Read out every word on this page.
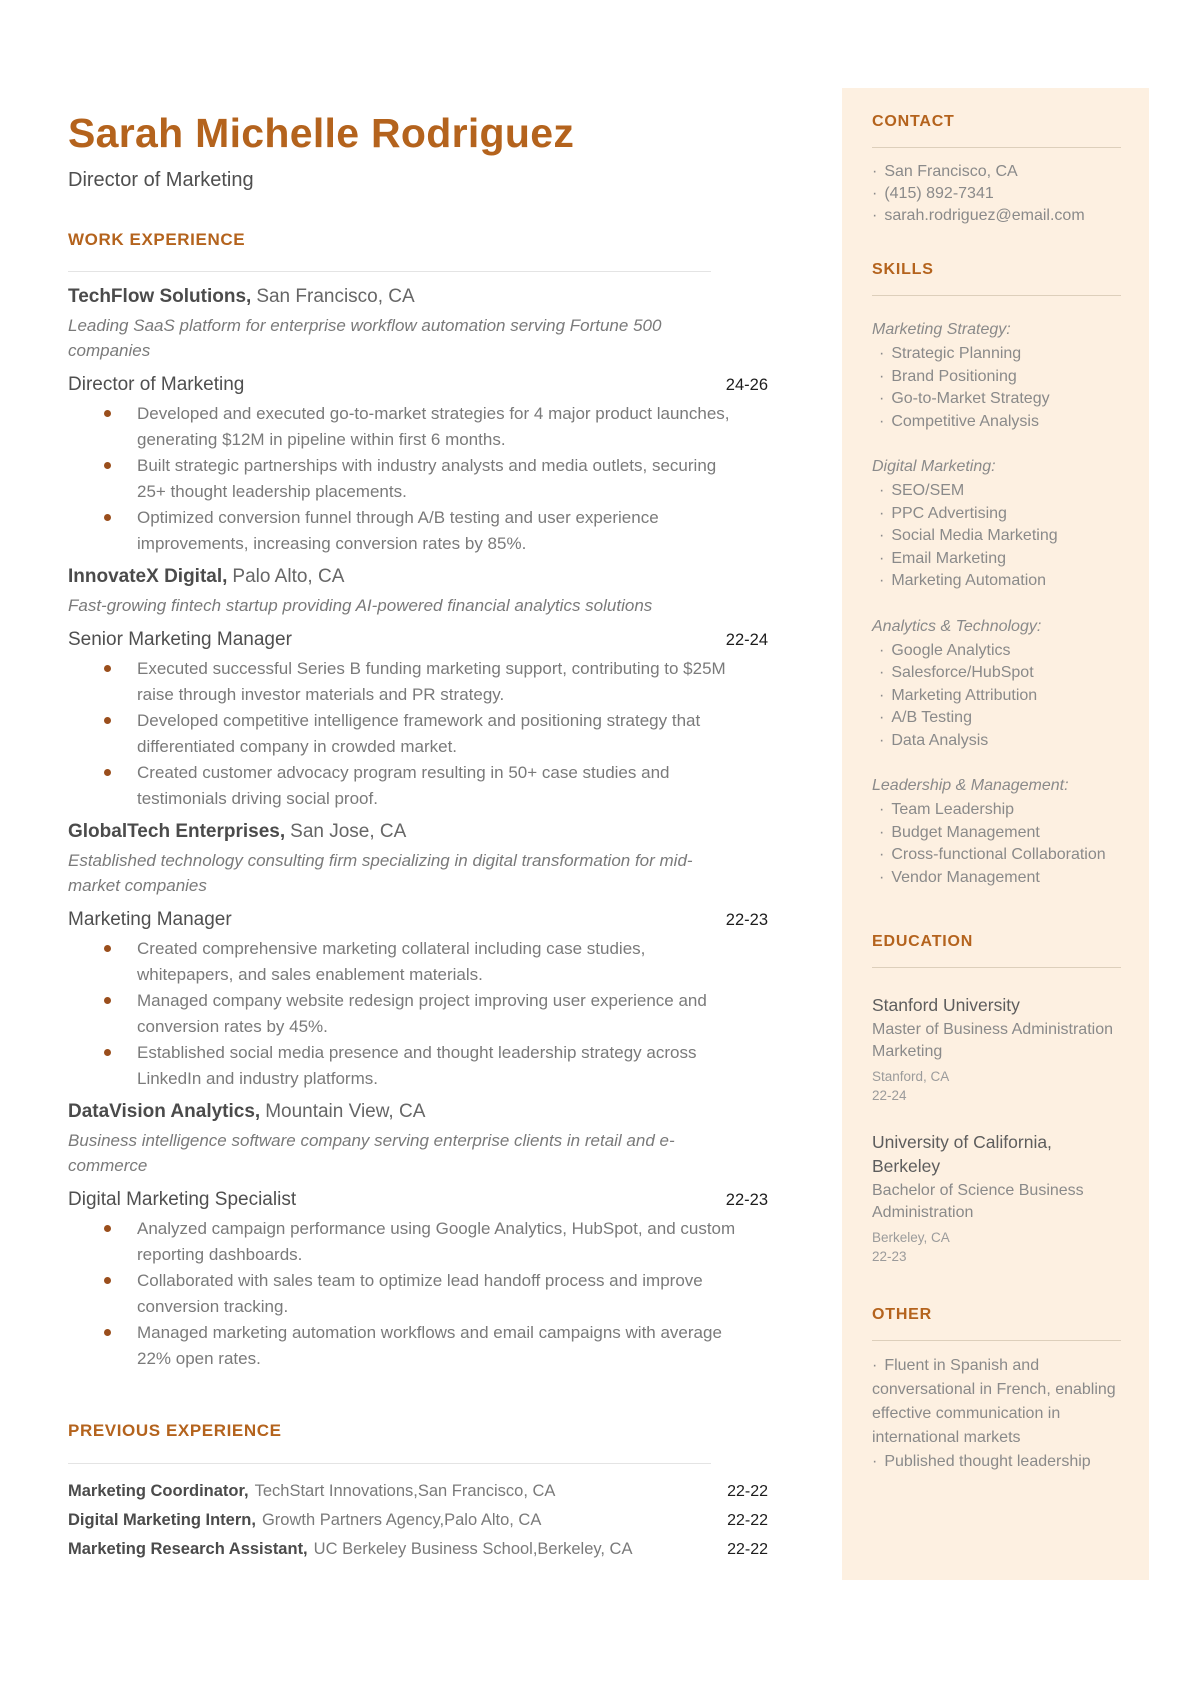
Sarah Michelle Rodriguez
Director of Marketing
WORK EXPERIENCE
TechFlow Solutions, San Francisco, CA
Leading SaaS platform for enterprise workflow automation serving Fortune 500 companies
Director of Marketing	24-26
Developed and executed go-to-market strategies for 4 major product launches, generating $12M in pipeline within first 6 months.
Built strategic partnerships with industry analysts and media outlets, securing 25+ thought leadership placements.
Optimized conversion funnel through A/B testing and user experience improvements, increasing conversion rates by 85%.
InnovateX Digital, Palo Alto, CA
Fast-growing fintech startup providing AI-powered financial analytics solutions
Senior Marketing Manager	22-24
Executed successful Series B funding marketing support, contributing to $25M raise through investor materials and PR strategy.
Developed competitive intelligence framework and positioning strategy that differentiated company in crowded market.
Created customer advocacy program resulting in 50+ case studies and testimonials driving social proof.
GlobalTech Enterprises, San Jose, CA
Established technology consulting firm specializing in digital transformation for mid-market companies
Marketing Manager	22-23
Created comprehensive marketing collateral including case studies, whitepapers, and sales enablement materials.
Managed company website redesign project improving user experience and conversion rates by 45%.
Established social media presence and thought leadership strategy across LinkedIn and industry platforms.
DataVision Analytics, Mountain View, CA
Business intelligence software company serving enterprise clients in retail and e-commerce
Digital Marketing Specialist	22-23
Analyzed campaign performance using Google Analytics, HubSpot, and custom reporting dashboards.
Collaborated with sales team to optimize lead handoff process and improve conversion tracking.
Managed marketing automation workflows and email campaigns with average 22% open rates.
PREVIOUS EXPERIENCE
Marketing Coordinator, TechStart Innovations,San Francisco, CA	22-22
Digital Marketing Intern, Growth Partners Agency,Palo Alto, CA	22-22
Marketing Research Assistant, UC Berkeley Business School,Berkeley, CA	22-22
CONTACT
· San Francisco, CA
· (415) 892-7341
· sarah.rodriguez@email.com
SKILLS
Marketing Strategy:
· Strategic Planning
· Brand Positioning
· Go-to-Market Strategy
· Competitive Analysis
Digital Marketing:
· SEO/SEM
· PPC Advertising
· Social Media Marketing
· Email Marketing
· Marketing Automation
Analytics & Technology:
· Google Analytics
· Salesforce/HubSpot
· Marketing Attribution
· A/B Testing
· Data Analysis
Leadership & Management:
· Team Leadership
· Budget Management
· Cross-functional Collaboration
· Vendor Management
EDUCATION
Stanford University
Master of Business Administration Marketing
Stanford, CA
22-24
University of California, Berkeley
Bachelor of Science Business Administration
Berkeley, CA
22-23
OTHER
· Fluent in Spanish and conversational in French, enabling effective communication in international markets
· Published thought leadership
